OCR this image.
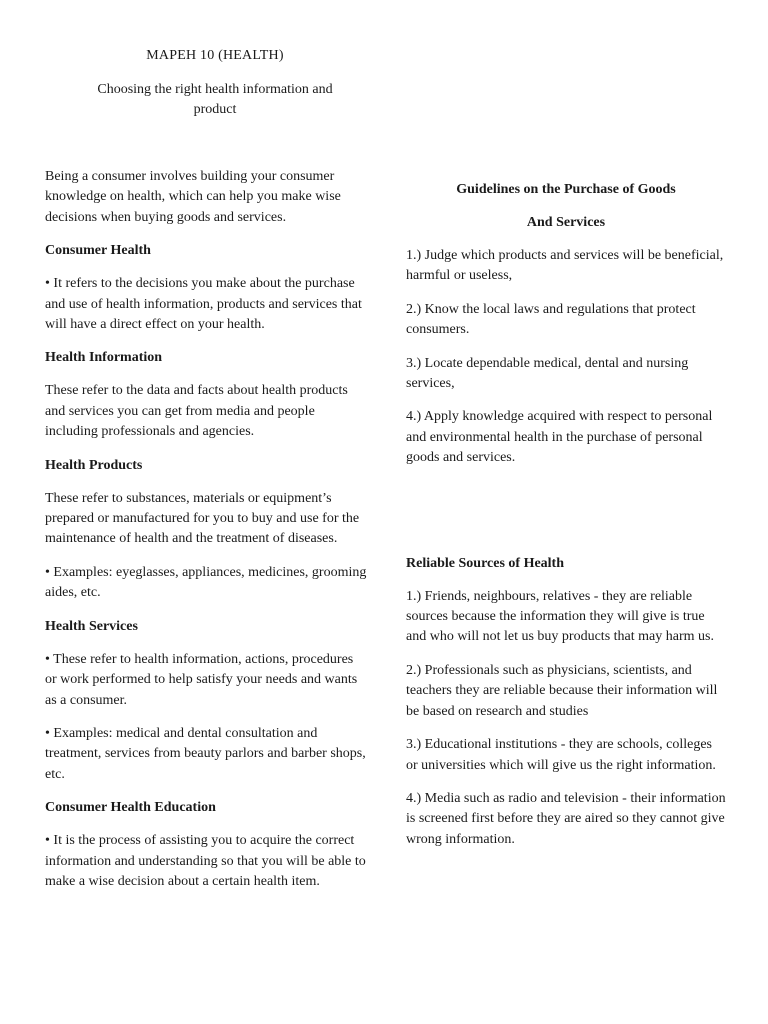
MAPEH 10 (HEALTH)
Choosing the right health information and product

Being a consumer involves building your consumer knowledge on health, which can help you make wise decisions when buying goods and services.

Consumer Health

• It refers to the decisions you make about the purchase and use of health information, products and services that will have a direct effect on your health.

Health Information

These refer to the data and facts about health products and services you can get from media and people including professionals and agencies.

Health Products

These refer to substances, materials or equipment’s prepared or manufactured for you to buy and use for the maintenance of health and the treatment of diseases.

• Examples: eyeglasses, appliances, medicines, grooming aides, etc.

Health Services

• These refer to health information, actions, procedures or work performed to help satisfy your needs and wants as a consumer.

• Examples: medical and dental consultation and treatment, services from beauty parlors and barber shops, etc.

Consumer Health Education

• It is the process of assisting you to acquire the correct information and understanding so that you will be able to make a wise decision about a certain health item.

Guidelines on the Purchase of Goods
And Services

1.) Judge which products and services will be beneficial, harmful or useless,

2.) Know the local laws and regulations that protect consumers.

3.) Locate dependable medical, dental and nursing services,

4.) Apply knowledge acquired with respect to personal and environmental health in the purchase of personal goods and services.

Reliable Sources of Health

1.) Friends, neighbours, relatives - they are reliable sources because the information they will give is true and who will not let us buy products that may harm us.

2.) Professionals such as physicians, scientists, and teachers they are reliable because their information will be based on research and studies

3.) Educational institutions - they are schools, colleges or universities which will give us the right information.

4.) Media such as radio and television - their information is screened first before they are aired so they cannot give wrong information.
